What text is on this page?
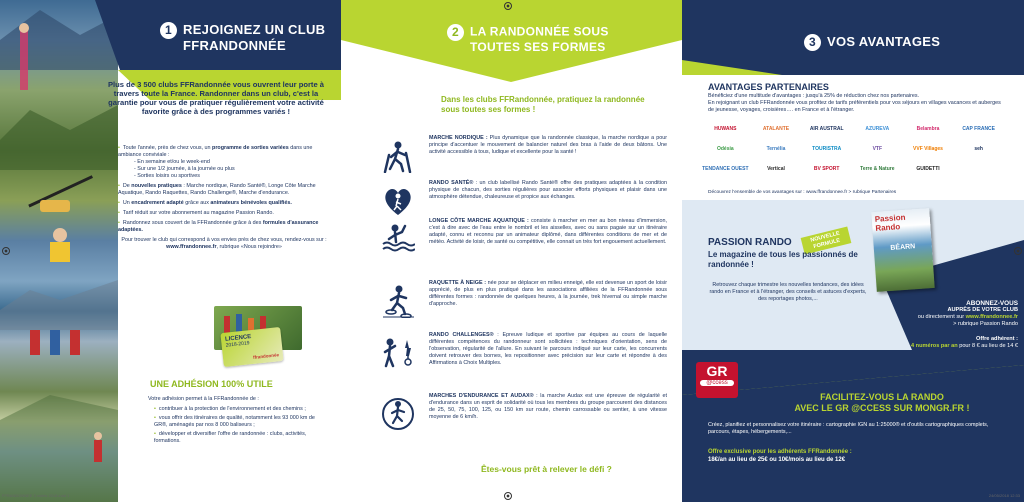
1 REJOIGNEZ UN CLUB
FFRANDONNÉE
Plus de 3 500 clubs FFRandonnée vous ouvrent leur porte à travers toute la France. Randonner dans un club, c'est la garantie pour vous de pratiquer régulièrement votre activité favorite grâce à des programmes variés !
• Toute l'année, près de chez vous, un programme de sorties variées dans une ambiance conviviale :
- En semaine et/ou le week-end
- Sur une 1/2 journée, à la journée ou plus
- Sorties loisirs ou sportives
• De nouvelles pratiques : Marche nordique, Rando Santé®, Longe Côte Marche Aquatique, Rando Raquettes, Rando Challenge®, Marche d'endurance.
• Un encadrement adapté grâce aux animateurs bénévoles qualifiés.
• Tarif réduit sur votre abonnement au magazine Passion Rando.
• Randonnez sous couvert de la FFRandonnée grâce à des formules d'assurance adaptées.
Pour trouver le club qui correspond à vos envies près de chez vous, rendez-vous sur : www.ffrandonnee.fr, rubrique «Nous rejoindre»
LICENCE
2018-2019
ffrandonnée
UNE ADHÉSION 100% UTILE
Votre adhésion permet à la FFRandonnée de :
• contribuer à la protection de l'environnement et des chemins ;
• vous offrir des itinéraires de qualité, notamment les 93 000 km de GR®, aménagés par nos 8 000 baliseurs ;
• développer et diversifier l'offre de randonnée : clubs, activités, formations.
FFRANDONNEE 3 volets 2018.indd 1
2 LA RANDONNÉE SOUS
TOUTES SES FORMES
Dans les clubs FFRandonnée, pratiquez la randonnée sous toutes ses formes !
MARCHE NORDIQUE : Plus dynamique que la randonnée classique, la marche nordique a pour principe d'accentuer le mouvement de balancier naturel des bras à l'aide de deux bâtons. Une activité accessible à tous, ludique et excellente pour la santé !
RANDO SANTÉ® : un club labellisé Rando Santé® offre des pratiques adaptées à la condition physique de chacun, des sorties régulières pour associer efforts physiques et plaisir dans une atmosphère détendue, chaleureuse et propice aux échanges.
LONGE CÔTE MARCHE AQUATIQUE : consiste à marcher en mer au bon niveau d'immersion, c'est à dire avec de l'eau entre le nombril et les aisselles, avec ou sans pagaie sur un itinéraire adapté, connu et reconnu par un animateur diplômé, dans différentes conditions de mer et de météo. Activité de loisir, de santé ou compétitive, elle connait un très fort engouement actuellement.
RAQUETTE À NEIGE : née pour se déplacer en milieu enneigé, elle est devenue un sport de loisir apprécié, de plus en plus pratiqué dans les associations affiliées de la FFRandonnée sous différentes formes : randonnée de quelques heures, à la journée, trek hivernal ou simple marche d'approche.
RANDO CHALLENGES® : Epreuve ludique et sportive par équipes au cours de laquelle différentes compétences du randonneur sont sollicitées : techniques d'orientation, sens de l'observation, régularité de l'allure. En suivant le parcours indiqué sur leur carte, les concurrents doivent retrouver des bornes, les repositionner avec précision sur leur carte et répondre à des Affirmations à Choix Multiples.
MARCHES D'ENDURANCE ET AUDAX® : la marche Audax est une épreuve de régularité et d'endurance dans un esprit de solidarité où tous les membres du groupe parcourent des distances de 25, 50, 75, 100, 125, ou 150 km sur route, chemin carrossable ou sentier, à une vitesse moyenne de 6 km/h.
Êtes-vous prêt à relever le défi ?
3 VOS AVANTAGES
AVANTAGES PARTENAIRES
Bénéficiez d'une multitude d'avantages : jusqu'à 25% de réduction chez nos partenaires.
En rejoignant un club FFRandonnée vous profitez de tarifs préférentiels pour vos séjours en villages vacances et auberges de jeunesse, voyages, croisières…. en France et à l'étranger.
HUWANS	ATALANTE	AIR AUSTRAL	AZUREVA	Belambra	CAP FRANCE
Odésia	Ternélia	TOURISTRA	VTF	VVF Villages	seh
TENDANCE OUEST	Vertical	BV SPORT	Terre & Nature	GUIDETTI
Découvrez l'ensemble de vos avantages sur : www.ffrandonnee.fr > rubrique Partenaires
Passion Rando
BÉARN
PASSION RANDO	NOUVELLE FORMULE
Le magazine de tous les passionnés de randonnée !
Retrouvez chaque trimestre les nouvelles tendances, des idées rando en France et à l'étranger, des conseils et astuces d'experts, des reportages photos,...
ABONNEZ-VOUS
AUPRÈS DE VOTRE CLUB
ou directement sur www.ffrandonnee.fr
> rubrique Passion Rando
Offre adhérent :
4 numéros par an pour 8 € au lieu de 14 €
GR
@ccess
FACILITEZ-VOUS LA RANDO
AVEC LE GR @CCESS SUR MONGR.FR !
Créez, planifiez et personnalisez votre itinéraire : cartographie IGN au 1:25000® et d'outils cartographiques complets, parcours, étapes, hébergements,...
Offre exclusive pour les adhérents FFRandonnée :
18€/an au lieu de 25€ ou 10€/mois au lieu de 12€
24/05/2018 12:33
